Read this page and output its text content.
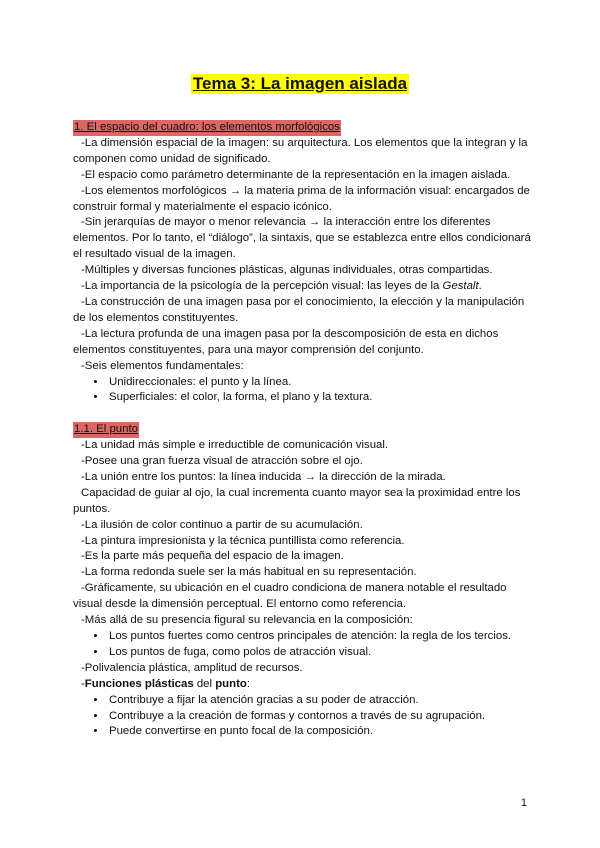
Tema 3: La imagen aislada
1. El espacio del cuadro: los elementos morfológicos

-La dimensión espacial de la imagen: su arquitectura. Los elementos que la integran y la componen como unidad de significado.

-El espacio como parámetro determinante de la representación en la imagen aislada.

-Los elementos morfológicos → la materia prima de la información visual: encargados de construir formal y materialmente el espacio icónico.

-Sin jerarquías de mayor o menor relevancia → la interacción entre los diferentes elementos. Por lo tanto, el “diálogo”, la sintaxis, que se establezca entre ellos condicionará el resultado visual de la imagen.

-Múltiples y diversas funciones plásticas, algunas individuales, otras compartidas.

-La importancia de la psicología de la percepción visual: las leyes de la Gestalt.

-La construcción de una imagen pasa por el conocimiento, la elección y la manipulación de los elementos constituyentes.

-La lectura profunda de una imagen pasa por la descomposición de esta en dichos elementos constituyentes, para una mayor comprensión del conjunto.

-Seis elementos fundamentales:

• Unidireccionales: el punto y la línea.
• Superficiales: el color, la forma, el plano y la textura.
1.1. El punto

-La unidad más simple e irreductible de comunicación visual.

-Posee una gran fuerza visual de atracción sobre el ojo.

-La unión entre los puntos: la línea inducida → la dirección de la mirada.

Capacidad de guiar al ojo, la cual incrementa cuanto mayor sea la proximidad entre los puntos.

-La ilusión de color continuo a partir de su acumulación.

-La pintura impresionista y la técnica puntillista como referencia.

-Es la parte más pequeña del espacio de la imagen.

-La forma redonda suele ser la más habitual en su representación.

-Gráficamente, su ubicación en el cuadro condiciona de manera notable el resultado visual desde la dimensión perceptual. El entorno como referencia.

-Más allá de su presencia figural su relevancia en la composición:

• Los puntos fuertes como centros principales de atención: la regla de los tercios.
• Los puntos de fuga, como polos de atracción visual.

-Polivalencia plástica, amplitud de recursos.

-Funciones plásticas del punto:

• Contribuye a fijar la atención gracias a su poder de atracción.
• Contribuye a la creación de formas y contornos a través de su agrupación.
• Puede convertirse en punto focal de la composición.
1
